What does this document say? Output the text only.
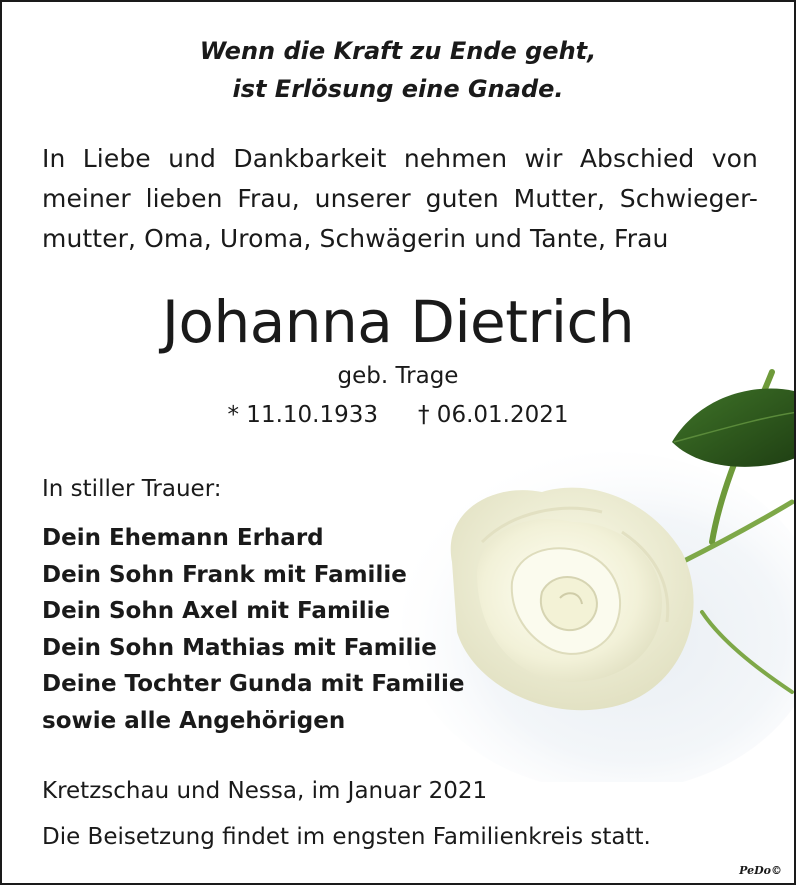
Wenn die Kraft zu Ende geht,
ist Erlösung eine Gnade.
In Liebe und Dankbarkeit nehmen wir Abschied von
meiner lieben Frau, unserer guten Mutter, Schwieger-
mutter, Oma, Uroma, Schwägerin und Tante, Frau
Johanna Dietrich
geb. Trage
* 11.10.1933 † 06.01.2021
In stiller Trauer:
Dein Ehemann Erhard
Dein Sohn Frank mit Familie
Dein Sohn Axel mit Familie
Dein Sohn Mathias mit Familie
Deine Tochter Gunda mit Familie
sowie alle Angehörigen
Kretzschau und Nessa, im Januar 2021
Die Beisetzung findet im engsten Familienkreis statt.
PeDo©
